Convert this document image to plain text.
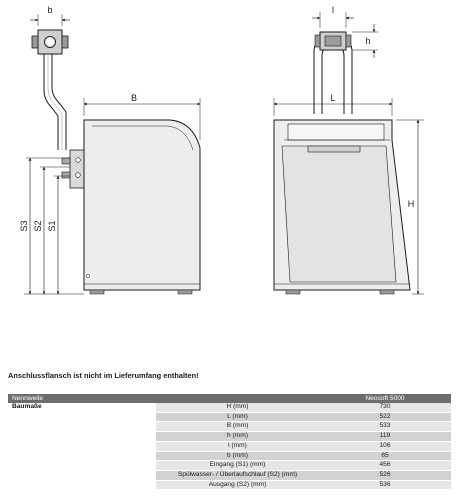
b
B
S3 S2 S1
l
h
L
H
Anschlussflansch ist nicht im Lieferumfang enthalten!
Nennweite		Neosoft 5000
Baumaße	H (mm)	730
	L (mm)	522
	B (mm)	533
	h (mm)	119
	l (mm)	106
	b (mm)	65
	Eingang (S1) (mm)	456
	Spülwasser- / Überlaufschlauf (S2) (mm)	526
	Ausgang (S2) (mm)	536
